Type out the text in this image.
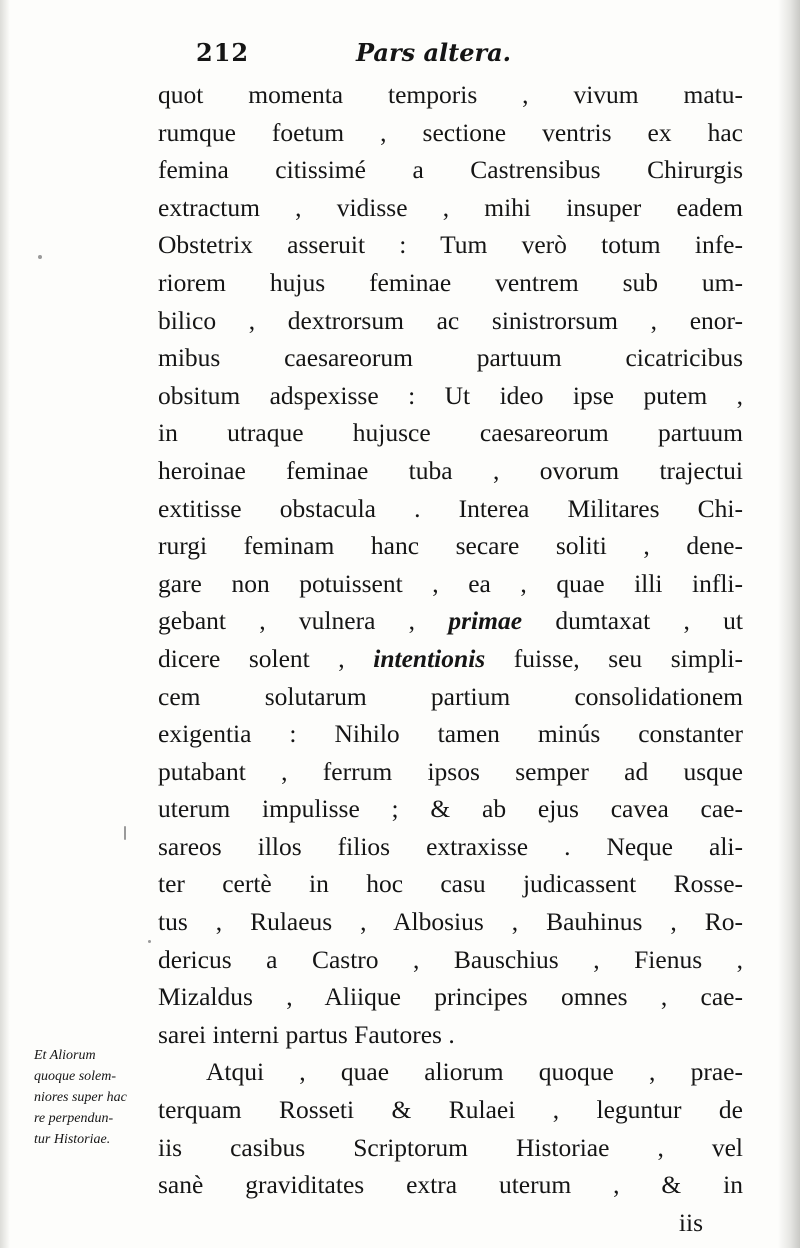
212	Pars altera.
quot momenta temporis , vivum matu-
rumque foetum , sectione ventris ex hac
femina citissimé a Castrensibus Chirurgis
extractum , vidisse , mihi insuper eadem
Obstetrix asseruit : Tum verò totum infe-
riorem hujus feminae ventrem sub um-
bilico , dextrorsum ac sinistrorsum , enor-
mibus caesareorum partuum cicatricibus
obsitum adspexisse : Ut ideo ipse putem ,
in utraque hujusce caesareorum partuum
heroinae feminae tuba , ovorum trajectui
extitisse obstacula . Interea Militares Chi-
rurgi feminam hanc secare soliti , dene-
gare non potuissent , ea , quae illi infli-
gebant , vulnera , primae dumtaxat , ut
dicere solent , intentionis fuisse, seu simpli-
cem solutarum partium consolidationem
exigentia : Nihilo tamen minús constanter
putabant , ferrum ipsos semper ad usque
uterum impulisse ; & ab ejus cavea cae-
sareos illos filios extraxisse . Neque ali-
ter certè in hoc casu judicassent Rosse-
tus , Rulaeus , Albosius , Bauhinus , Ro-
dericus a Castro , Bauschius , Fienus ,
Mizaldus , Aliique principes omnes , cae-
sarei interni partus Fautores .
Atqui , quae aliorum quoque , prae-
terquam Rosseti & Rulaei , leguntur de
iis casibus Scriptorum Historiae , vel
sanè graviditates extra uterum , & in
iis
Et Aliorum
quoque solem-
niores super hac
re perpendun-
tur Historiae.
